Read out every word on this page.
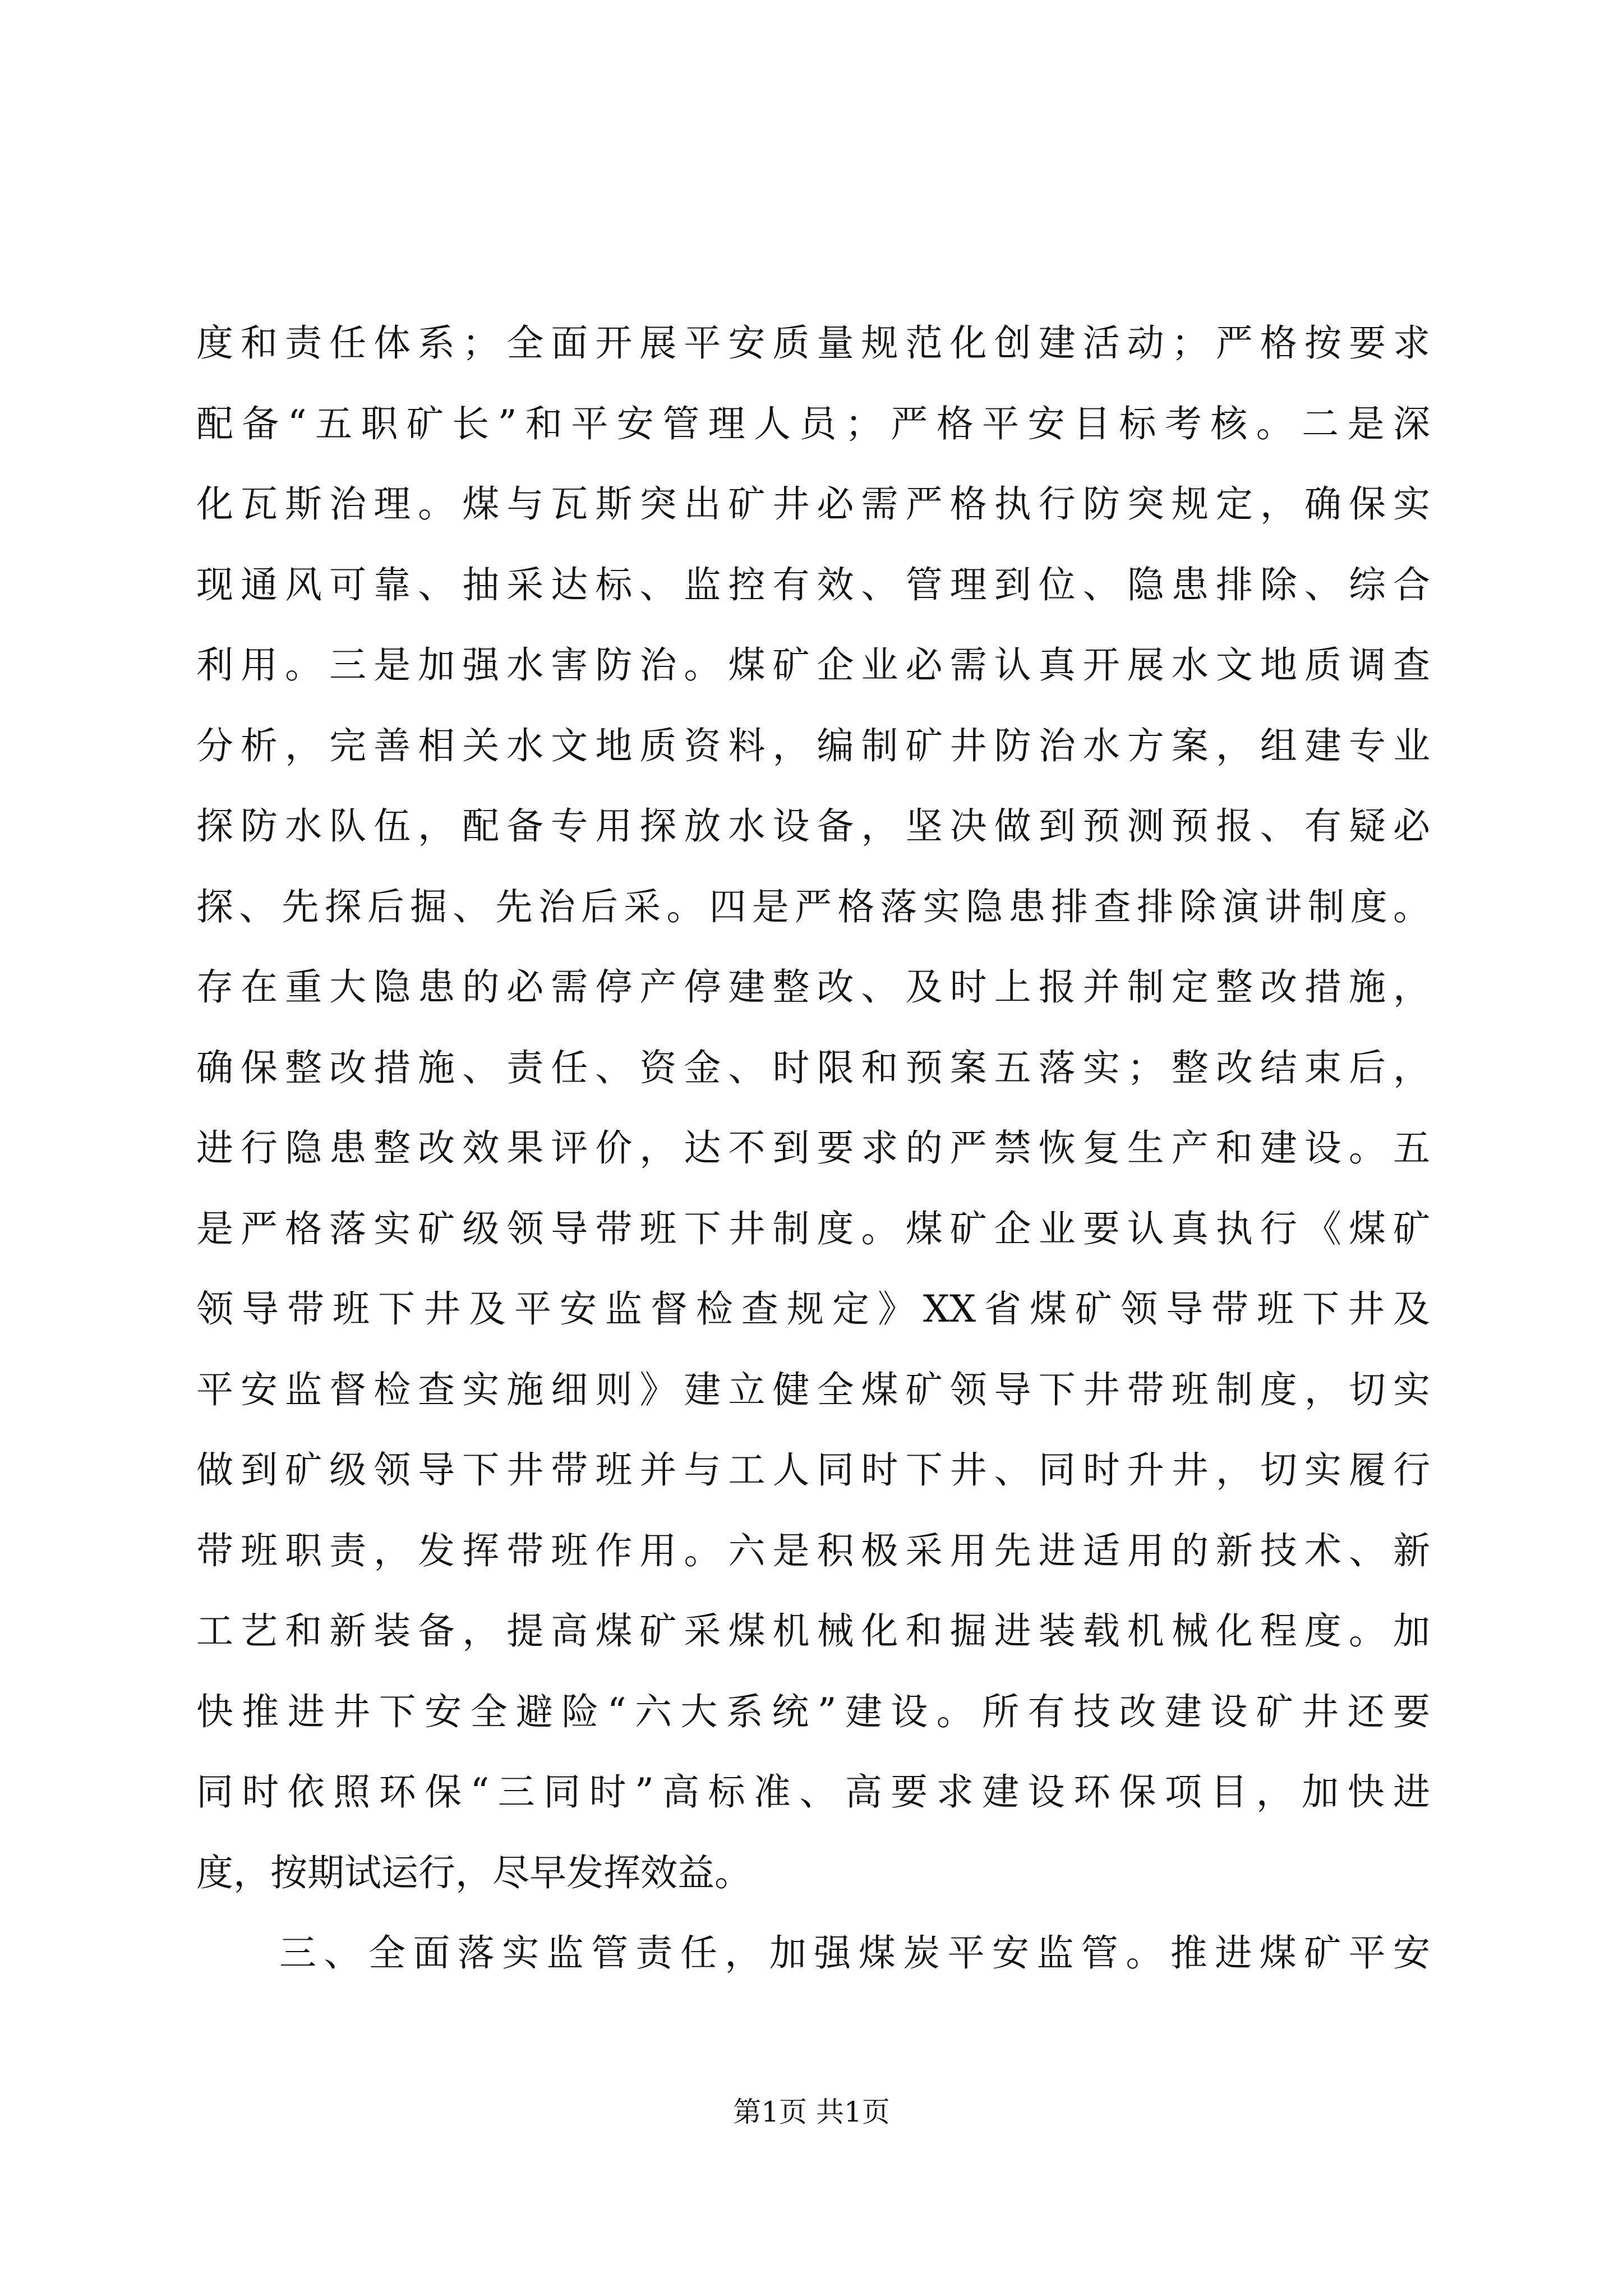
度和责任体系；全面开展平安质量规范化创建活动；严格按要求
配备“五职矿长”和平安管理人员；严格平安目标考核。二是深
化瓦斯治理。煤与瓦斯突出矿井必需严格执行防突规定，确保实
现通风可靠、抽采达标、监控有效、管理到位、隐患排除、综合
利用。三是加强水害防治。煤矿企业必需认真开展水文地质调查
分析，完善相关水文地质资料，编制矿井防治水方案，组建专业
探防水队伍，配备专用探放水设备，坚决做到预测预报、有疑必
探、先探后掘、先治后采。四是严格落实隐患排查排除演讲制度。
存在重大隐患的必需停产停建整改、及时上报并制定整改措施，
确保整改措施、责任、资金、时限和预案五落实；整改结束后，
进行隐患整改效果评价，达不到要求的严禁恢复生产和建设。五
是严格落实矿级领导带班下井制度。煤矿企业要认真执行《煤矿
领导带班下井及平安监督检查规定》XX省煤矿领导带班下井及
平安监督检查实施细则》建立健全煤矿领导下井带班制度，切实
做到矿级领导下井带班并与工人同时下井、同时升井，切实履行
带班职责，发挥带班作用。六是积极采用先进适用的新技术、新
工艺和新装备，提高煤矿采煤机械化和掘进装载机械化程度。加
快推进井下安全避险“六大系统”建设。所有技改建设矿井还要
同时依照环保“三同时”高标准、高要求建设环保项目，加快进
度，按期试运行，尽早发挥效益。
三、全面落实监管责任，加强煤炭平安监管。推进煤矿平安
第1页 共1页
